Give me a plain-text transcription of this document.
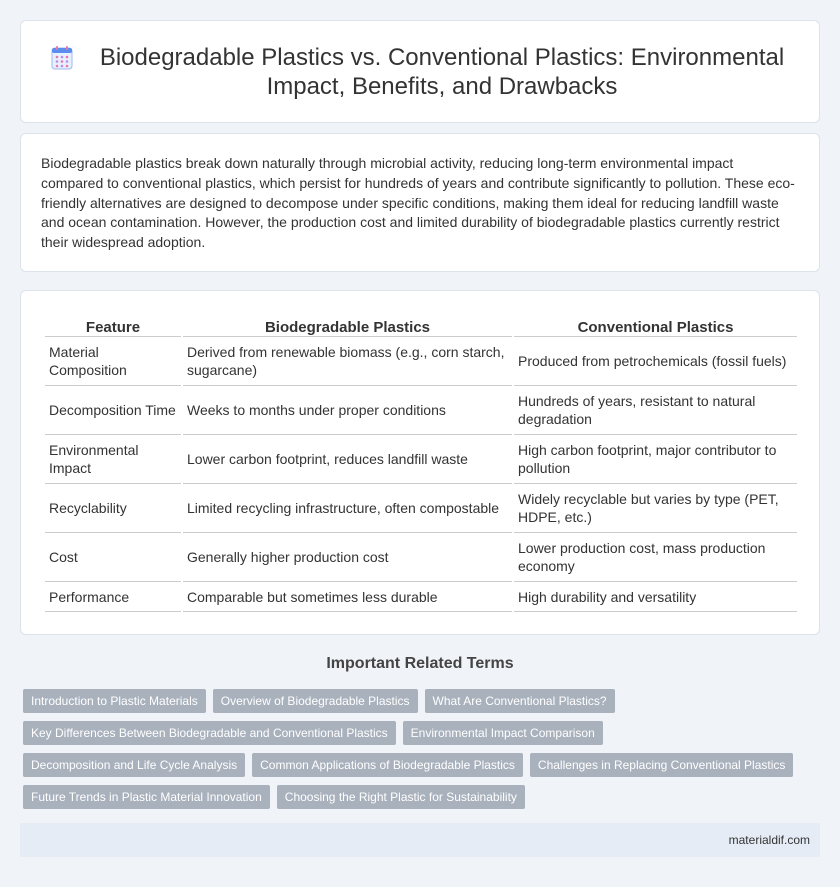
Biodegradable Plastics vs. Conventional Plastics: Environmental Impact, Benefits, and Drawbacks

Biodegradable plastics break down naturally through microbial activity, reducing long-term environmental impact compared to conventional plastics, which persist for hundreds of years and contribute significantly to pollution. These eco-friendly alternatives are designed to decompose under specific conditions, making them ideal for reducing landfill waste and ocean contamination. However, the production cost and limited durability of biodegradable plastics currently restrict their widespread adoption.

Feature	Biodegradable Plastics	Conventional Plastics
Material Composition	Derived from renewable biomass (e.g., corn starch, sugarcane)	Produced from petrochemicals (fossil fuels)
Decomposition Time	Weeks to months under proper conditions	Hundreds of years, resistant to natural degradation
Environmental Impact	Lower carbon footprint, reduces landfill waste	High carbon footprint, major contributor to pollution
Recyclability	Limited recycling infrastructure, often compostable	Widely recyclable but varies by type (PET, HDPE, etc.)
Cost	Generally higher production cost	Lower production cost, mass production economy
Performance	Comparable but sometimes less durable	High durability and versatility
Important Related Terms
Introduction to Plastic Materials	Overview of Biodegradable Plastics	What Are Conventional Plastics?
Key Differences Between Biodegradable and Conventional Plastics	Environmental Impact Comparison
Decomposition and Life Cycle Analysis	Common Applications of Biodegradable Plastics	Challenges in Replacing Conventional Plastics
Future Trends in Plastic Material Innovation	Choosing the Right Plastic for Sustainability
materialdif.com
